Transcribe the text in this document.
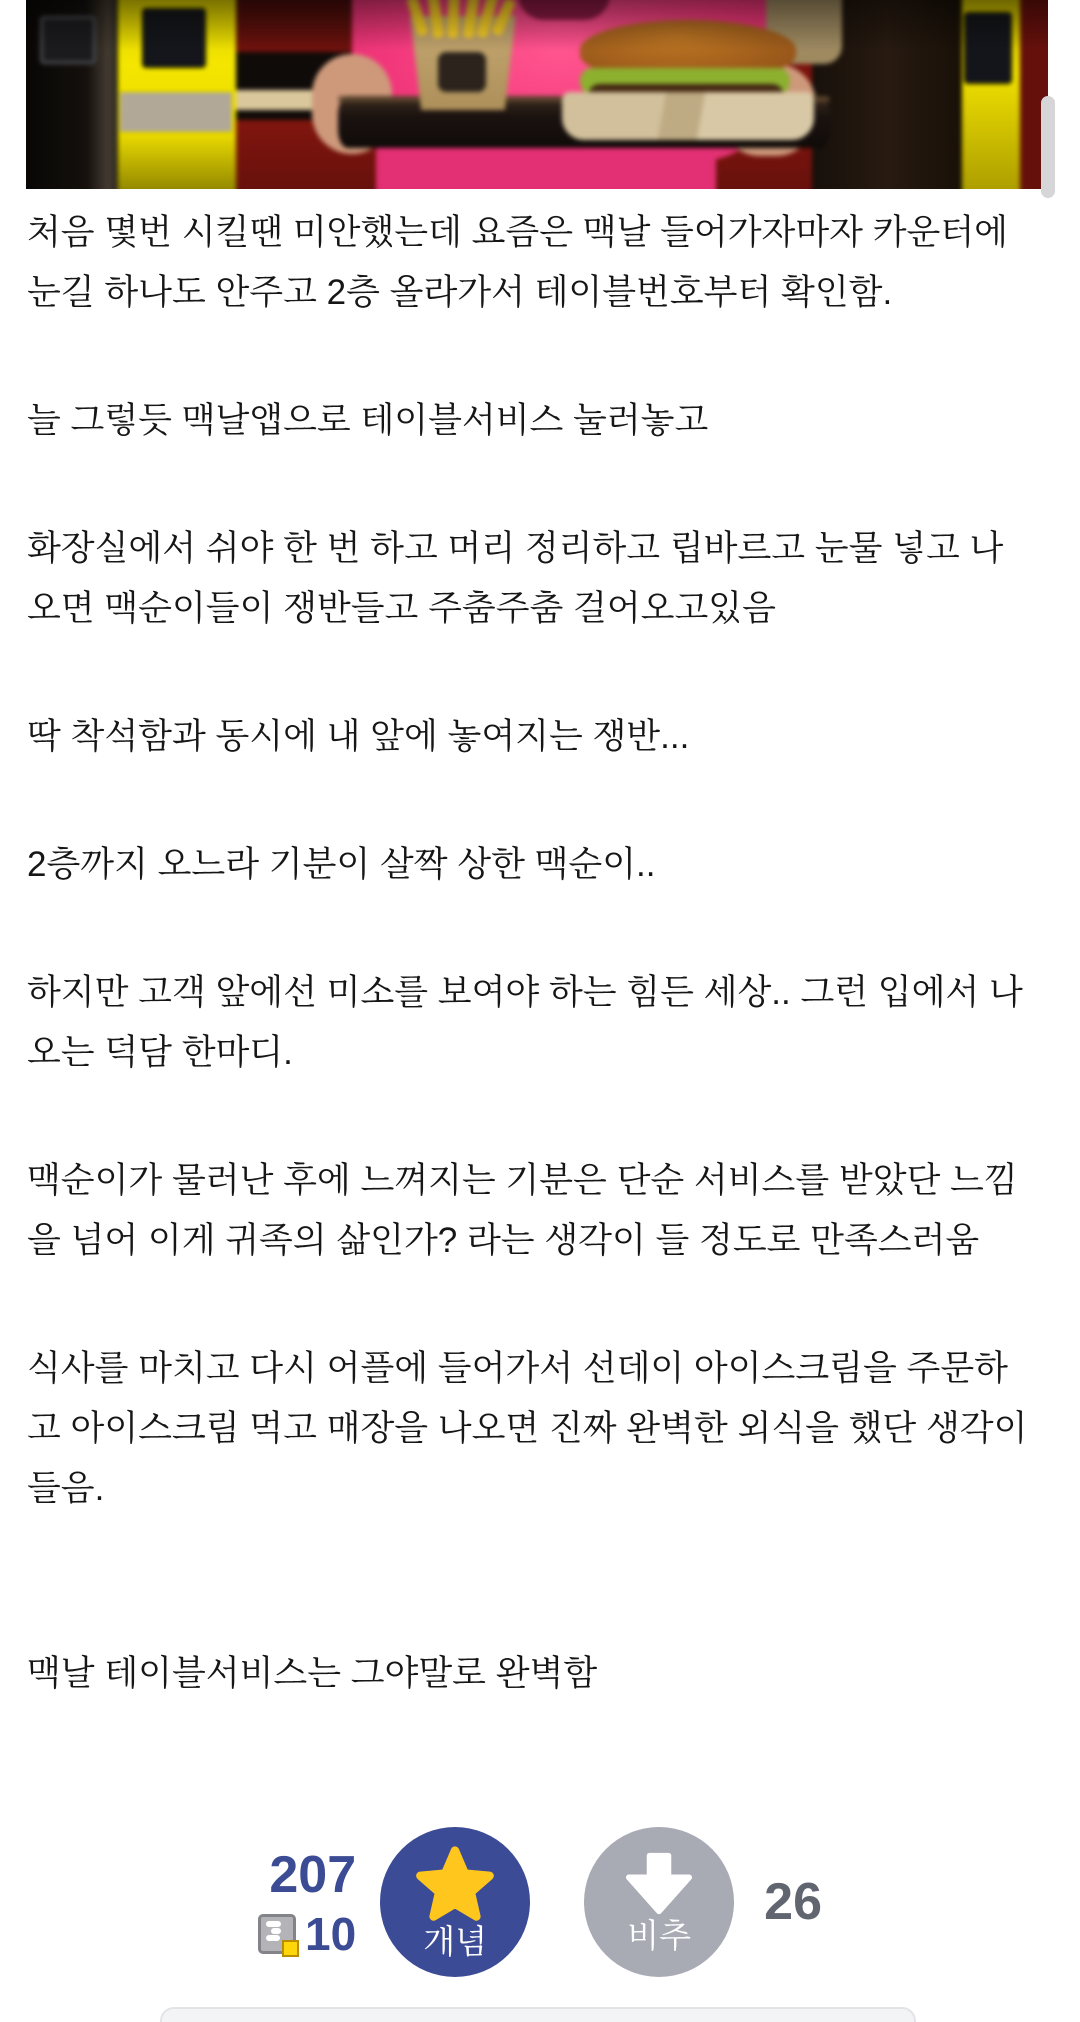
처음 몇번 시킬땐 미안했는데 요즘은 맥날 들어가자마자 카운터에
눈길 하나도 안주고 2층 올라가서 테이블번호부터 확인함.
늘 그렇듯 맥날앱으로 테이블서비스 눌러놓고
화장실에서 쉬야 한 번 하고 머리 정리하고 립바르고 눈물 넣고 나
오면 맥순이들이 쟁반들고 주춤주춤 걸어오고있음
딱 착석함과 동시에 내 앞에 놓여지는 쟁반...
2층까지 오느라 기분이 살짝 상한 맥순이..
하지만 고객 앞에선 미소를 보여야 하는 힘든 세상.. 그런 입에서 나
오는 덕담 한마디.
맥순이가 물러난 후에 느껴지는 기분은 단순 서비스를 받았단 느낌
을 넘어 이게 귀족의 삶인가? 라는 생각이 들 정도로 만족스러움
식사를 마치고 다시 어플에 들어가서 선데이 아이스크림을 주문하
고 아이스크림 먹고 매장을 나오면 진짜 완벽한 외식을 했단 생각이
들음.
맥날 테이블서비스는 그야말로 완벽함
207
10 개념	비추
26
